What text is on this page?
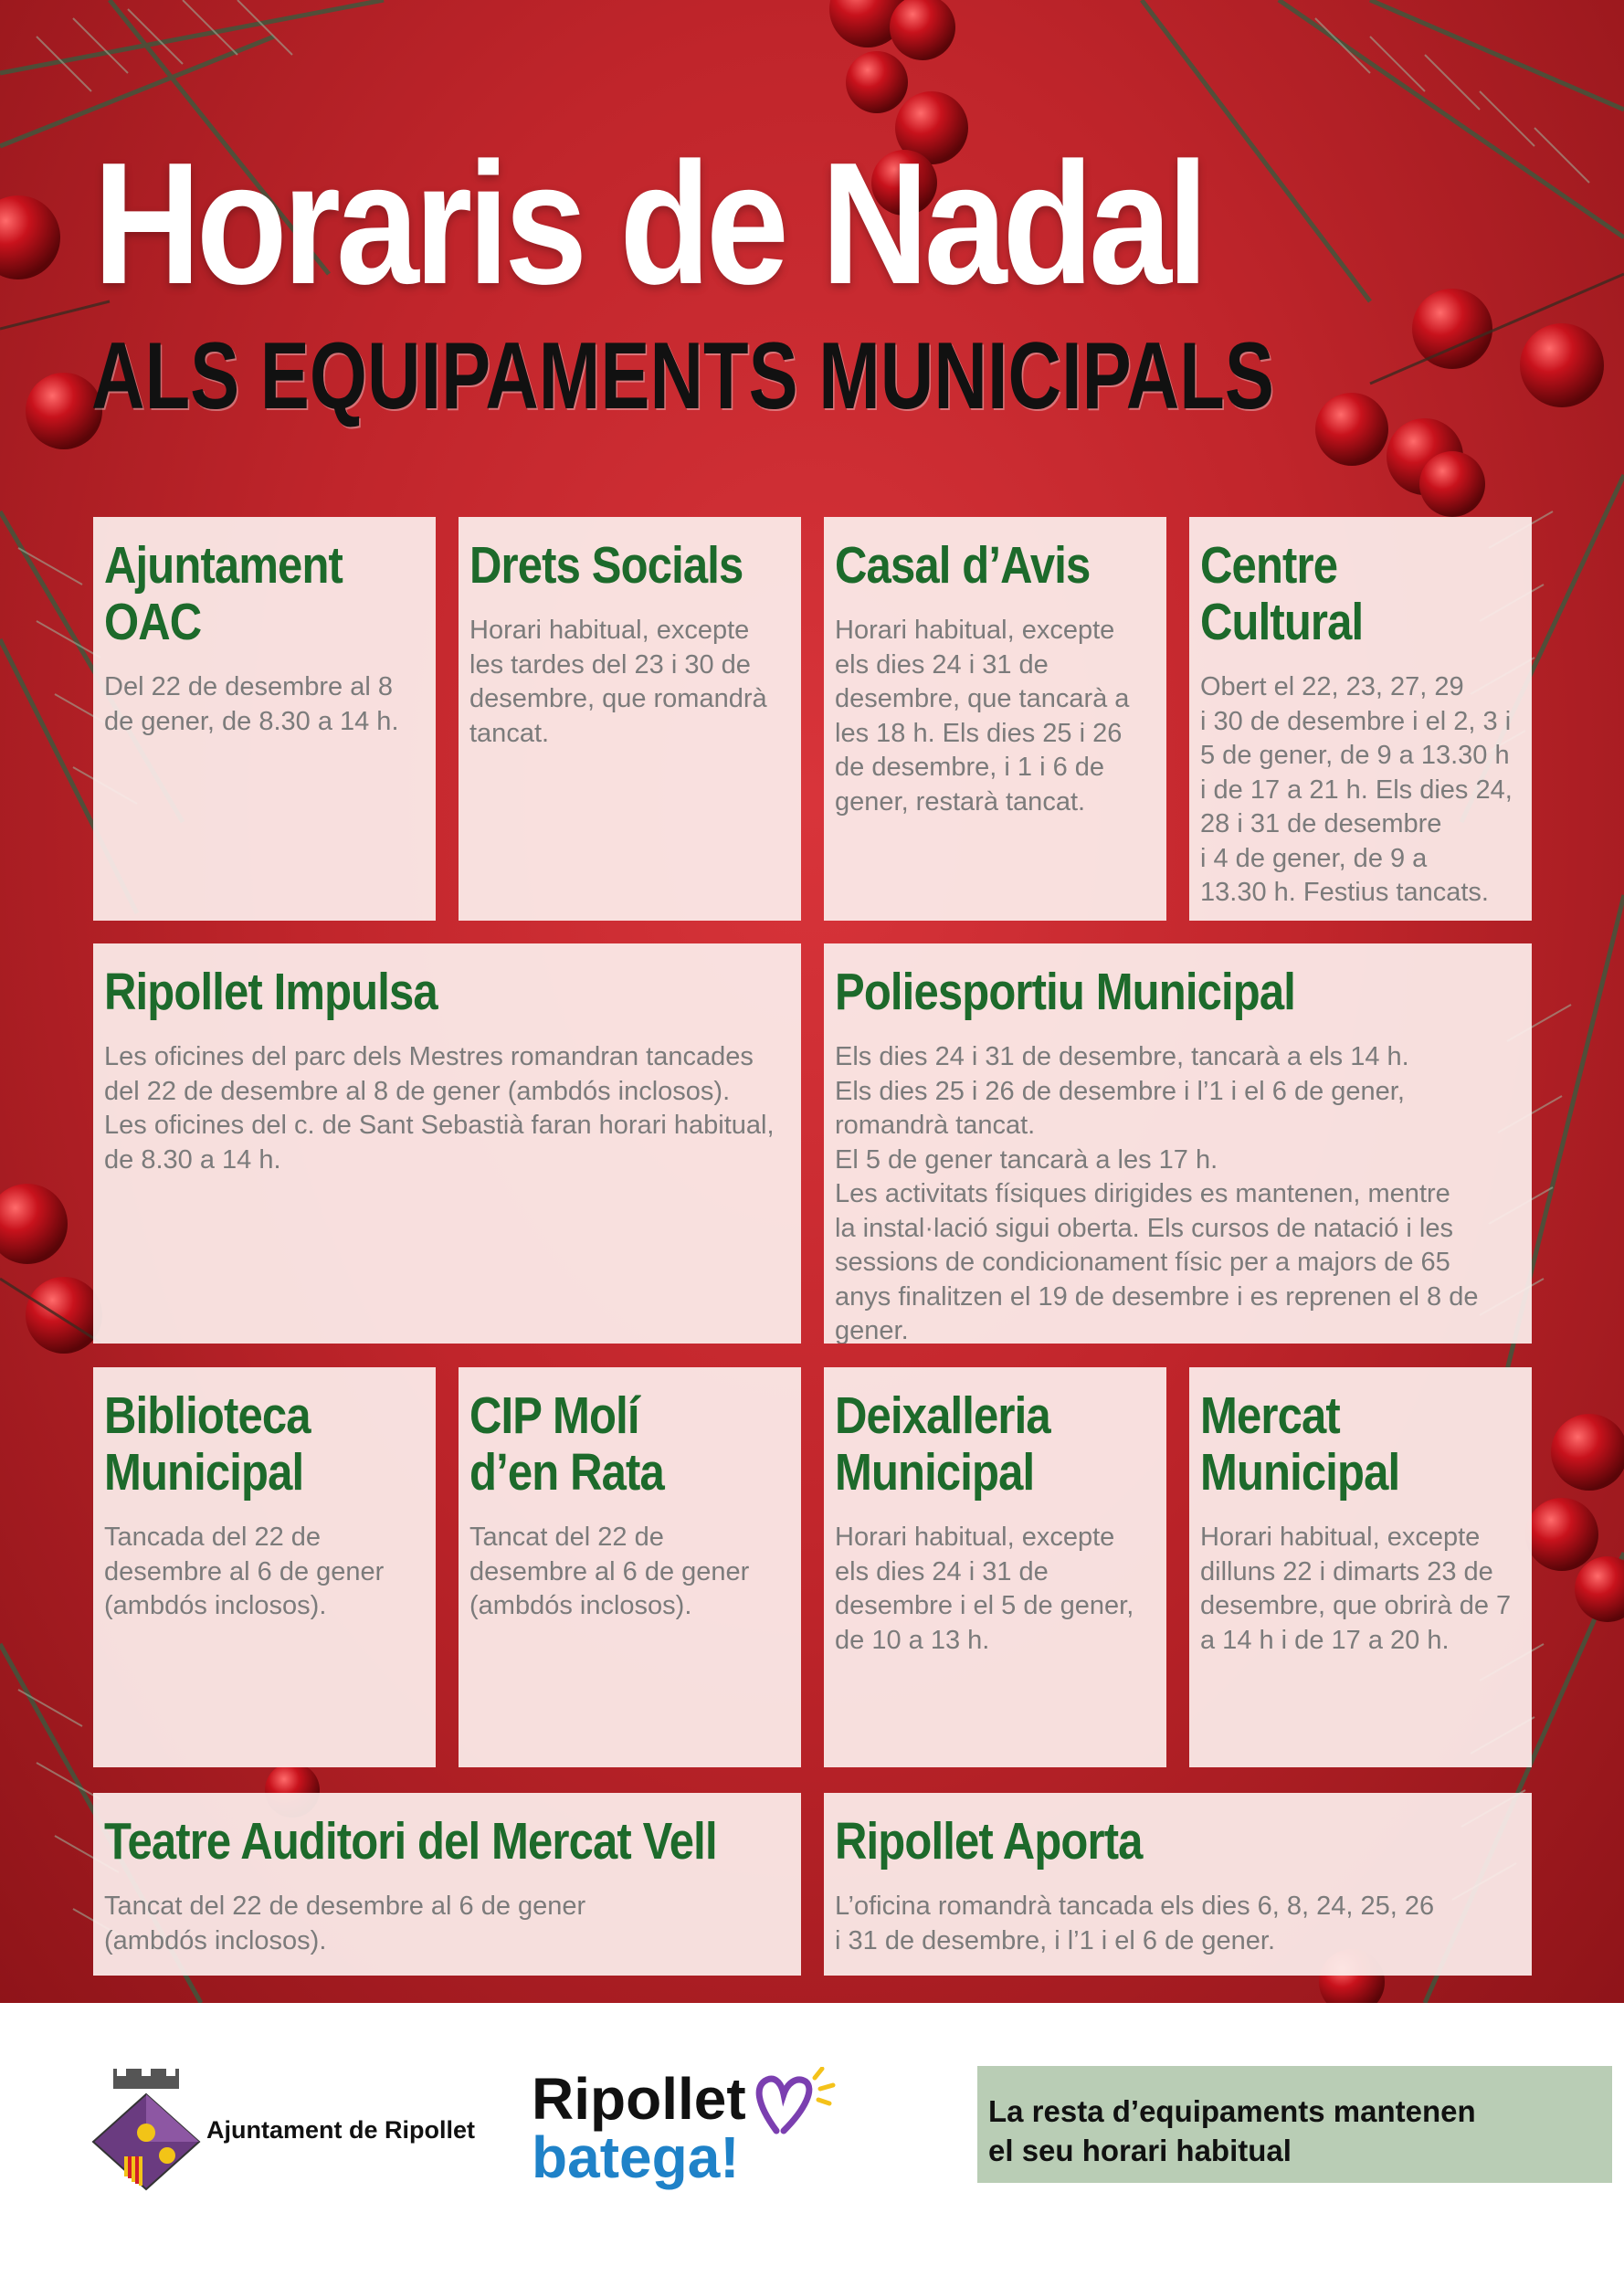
Horaris de Nadal
ALS EQUIPAMENTS MUNICIPALS
Ajuntament
OAC

Del 22 de desembre al 8
de gener, de 8.30 a 14 h.

Drets Socials

Horari habitual, excepte
les tardes del 23 i 30 de
desembre, que romandrà
tancat.

Casal d’Avis

Horari habitual, excepte
els dies 24 i 31 de
desembre, que tancarà a
les 18 h. Els dies 25 i 26
de desembre, i 1 i 6 de
gener, restarà tancat.

Centre
Cultural

Obert el 22, 23, 27, 29
i 30 de desembre i el 2, 3 i
5 de gener, de 9 a 13.30 h
i de 17 a 21 h. Els dies 24,
28 i 31 de desembre
i 4 de gener, de 9 a
13.30 h. Festius tancats.

Ripollet Impulsa

Les oficines del parc dels Mestres romandran tancades
del 22 de desembre al 8 de gener (ambdós inclosos).
Les oficines del c. de Sant Sebastià faran horari habitual,
de 8.30 a 14 h.

Poliesportiu Municipal

Els dies 24 i 31 de desembre, tancarà a els 14 h.
Els dies 25 i 26 de desembre i l’1 i el 6 de gener,
romandrà tancat.
El 5 de gener tancarà a les 17 h.
Les activitats físiques dirigides es mantenen, mentre
la instal·lació sigui oberta. Els cursos de natació i les
sessions de condicionament físic per a majors de 65
anys finalitzen el 19 de desembre i es reprenen el 8 de
gener.

Biblioteca
Municipal

Tancada del 22 de
desembre al 6 de gener
(ambdós inclosos).

CIP Molí
d’en Rata

Tancat del 22 de
desembre al 6 de gener
(ambdós inclosos).

Deixalleria
Municipal

Horari habitual, excepte
els dies 24 i 31 de
desembre i el 5 de gener,
de 10 a 13 h.

Mercat
Municipal

Horari habitual, excepte
dilluns 22 i dimarts 23 de
desembre, que obrirà de 7
a 14 h i de 17 a 20 h.

Teatre Auditori del Mercat Vell

Tancat del 22 de desembre al 6 de gener
(ambdós inclosos).

Ripollet Aporta

L’oficina romandrà tancada els dies 6, 8, 24, 25, 26
i 31 de desembre, i l’1 i el 6 de gener.

Ajuntament de Ripollet Ripollet
batega!
La resta d’equipaments mantenen
el seu horari habitual
